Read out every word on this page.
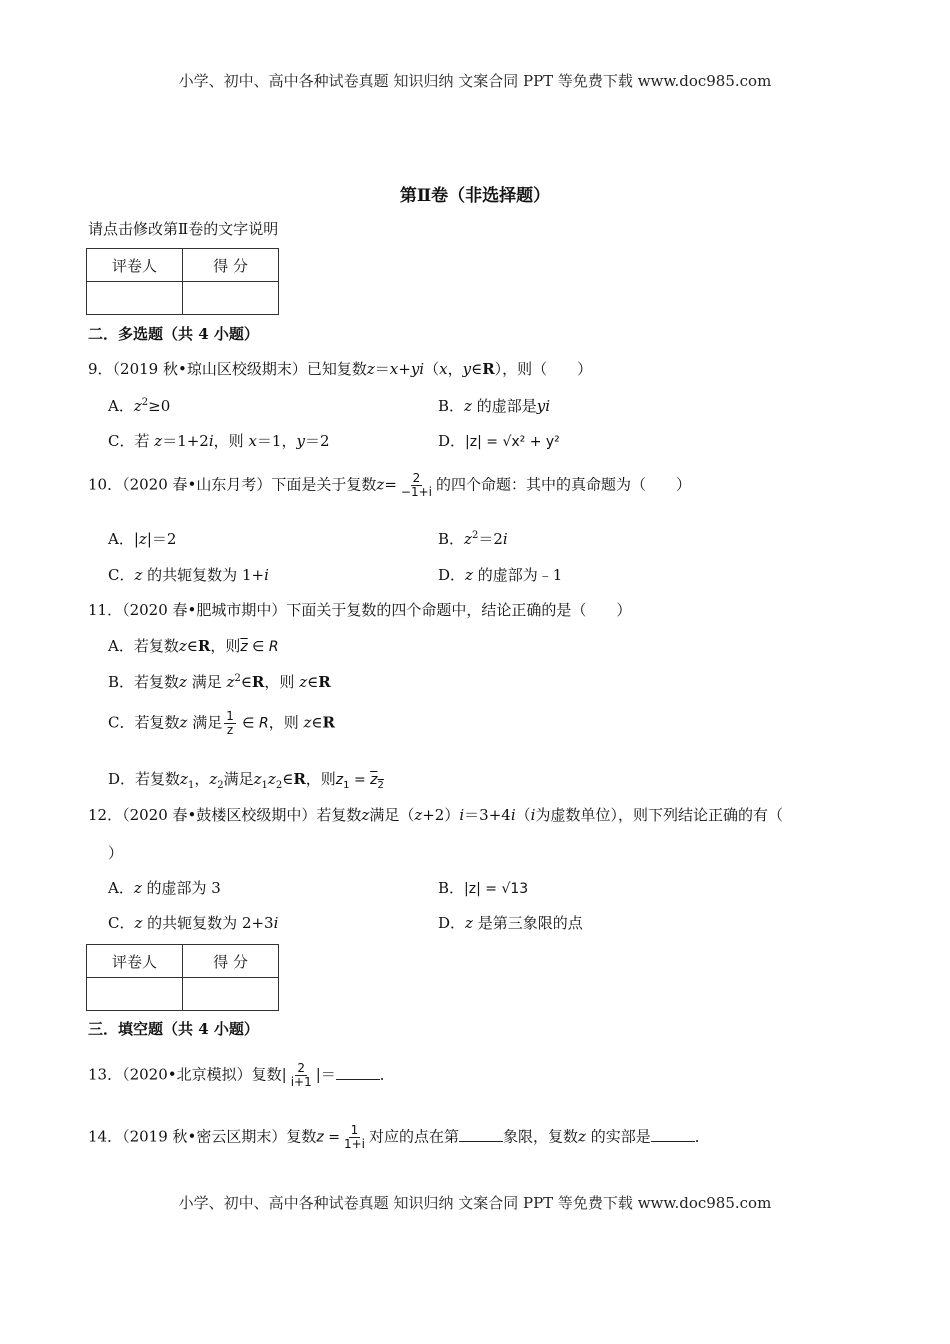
小学、初中、高中各种试卷真题 知识归纳 文案合同 PPT 等免费下载 www.doc985.com
第Ⅱ卷（非选择题）
请点击修改第Ⅱ卷的文字说明
评卷人	得 分

二．多选题（共 4 小题）
9．（2019 秋•琼山区校级期末）已知复数z＝x+yi（x，y∈R），则（　　）
A．$z^2\ge 0$	B．z 的虚部是yi
C．若 z＝1+2i，则 x＝1，y＝2	D．|z| = √x² + y²
10．（2020 春•山东月考）下面是关于复数$z= \frac{2}{-1+i}$ 的四个命题：其中的真命题为（　　）
A．|z|＝2	B．$z^2=2i$
C．z 的共轭复数为 1+i	D．z 的虚部为﹣1
11．（2020 春•肥城市期中）下面关于复数的四个命题中，结论正确的是（　　）
A．若复数z∈R，则$\overline{z}$ ∈ R
B．若复数z 满足 $z^2\in R$，则 z∈R
C．若复数z 满足 $\frac{1}{z}$ ∈ R，则 z∈R
D．若复数$z_1$，$z_2$满足$z_1z_2\in R$，则$z_1 = z_2$
12．（2020 春•鼓楼区校级期中）若复数z满足（z+2）i＝3+4i（i为虚数单位），则下列结论正确的有（
）
A．z 的虚部为 3	B．|z| = √13
C．z 的共轭复数为 2+3i	D．z 是第三象限的点
评卷人	得 分

三．填空题（共 4 小题）
13．（2020•北京模拟）复数| $\frac{2}{i+1}$ |＝	．
14．（2019 秋•密云区期末）复数$z = \frac{1}{1+i}$ 对应的点在第	象限，复数z 的实部是	．
小学、初中、高中各种试卷真题 知识归纳 文案合同 PPT 等免费下载 www.doc985.com
